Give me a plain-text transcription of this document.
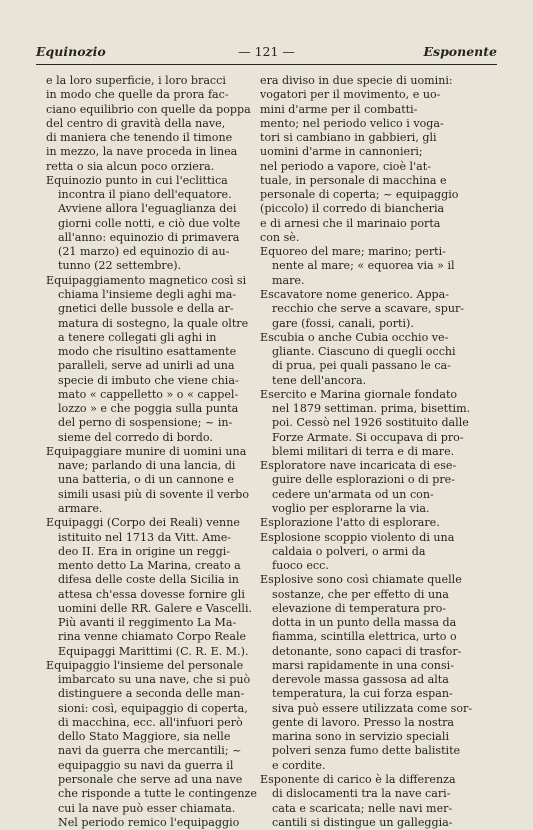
Equinozio	— 121 —	Esponente
e la loro superficie, i loro bracci
in modo che quelle da prora fac-
ciano equilibrio con quelle da poppa
del centro di gravità della nave,
di maniera che tenendo il timone
in mezzo, la nave proceda in linea
retta o sia alcun poco orziera.
Equinozio punto in cui l'eclittica
incontra il piano dell'equatore.
Avviene allora l'eguaglianza dei
giorni colle notti, e ciò due volte
all'anno: equinozio di primavera
(21 marzo) ed equinozio di au-
tunno (22 settembre).
Equipaggiamento magnetico così si
chiama l'insieme degli aghi ma-
gnetici delle bussole e della ar-
matura di sostegno, la quale oltre
a tenere collegati gli aghi in
modo che risultino esattamente
paralleli, serve ad unirli ad una
specie di imbuto che viene chia-
mato « cappelletto » o « cappel-
lozzo » e che poggia sulla punta
del perno di sospensione; ~ in-
sieme del corredo di bordo.
Equipaggiare munire di uomini una
nave; parlando di una lancia, di
una batteria, o di un cannone e
simili usasi più di sovente il verbo
armare.
Equipaggi (Corpo dei Reali) venne
istituito nel 1713 da Vitt. Ame-
deo II. Era in origine un reggi-
mento detto La Marina, creato a
difesa delle coste della Sicilia in
attesa ch'essa dovesse fornire gli
uomini delle RR. Galere e Vascelli.
Più avanti il reggimento La Ma-
rina venne chiamato Corpo Reale
Equipaggi Marittimi (C. R. E. M.).
Equipaggio l'insieme del personale
imbarcato su una nave, che si può
distinguere a seconda delle man-
sioni: così, equipaggio di coperta,
di macchina, ecc. all'infuori però
dello Stato Maggiore, sia nelle
navi da guerra che mercantili; ~
equipaggio su navi da guerra il
personale che serve ad una nave
che risponde a tutte le contingenze
cui la nave può esser chiamata.
Nel periodo remico l'equipaggio
era diviso in due specie di uomini:
vogatori per il movimento, e uo-
mini d'arme per il combatti-
mento; nel periodo velico i voga-
tori si cambiano in gabbieri, gli
uomini d'arme in cannonieri;
nel periodo a vapore, cioè l'at-
tuale, in personale di macchina e
personale di coperta; ~ equipaggio
(piccolo) il corredo di biancheria
e di arnesi che il marinaio porta
con sè.
Equoreo del mare; marino; perti-
nente al mare; « equorea via » il
mare.
Escavatore nome generico. Appa-
recchio che serve a scavare, spur-
gare (fossi, canali, porti).
Escubia o anche Cubia occhio ve-
gliante. Ciascuno di quegli occhi
di prua, pei quali passano le ca-
tene dell'ancora.
Esercito e Marina giornale fondato
nel 1879 settiman. prima, bisettim.
poi. Cessò nel 1926 sostituito dalle
Forze Armate. Si occupava di pro-
blemi militari di terra e di mare.
Esploratore nave incaricata di ese-
guire delle esplorazioni o di pre-
cedere un'armata od un con-
voglio per esplorarne la via.
Esplorazione l'atto di esplorare.
Esplosione scoppio violento di una
caldaia o polveri, o armi da
fuoco ecc.
Esplosive sono così chiamate quelle
sostanze, che per effetto di una
elevazione di temperatura pro-
dotta in un punto della massa da
fiamma, scintilla elettrica, urto o
detonante, sono capaci di trasfor-
marsi rapidamente in una consi-
derevole massa gassosa ad alta
temperatura, la cui forza espan-
siva può essere utilizzata come sor-
gente di lavoro. Presso la nostra
marina sono in servizio speciali
polveri senza fumo dette balistite
e cordite.
Esponente di carico è la differenza
di dislocamenti tra la nave cari-
cata e scaricata; nelle navi mer-
cantili si distingue un galleggia-
